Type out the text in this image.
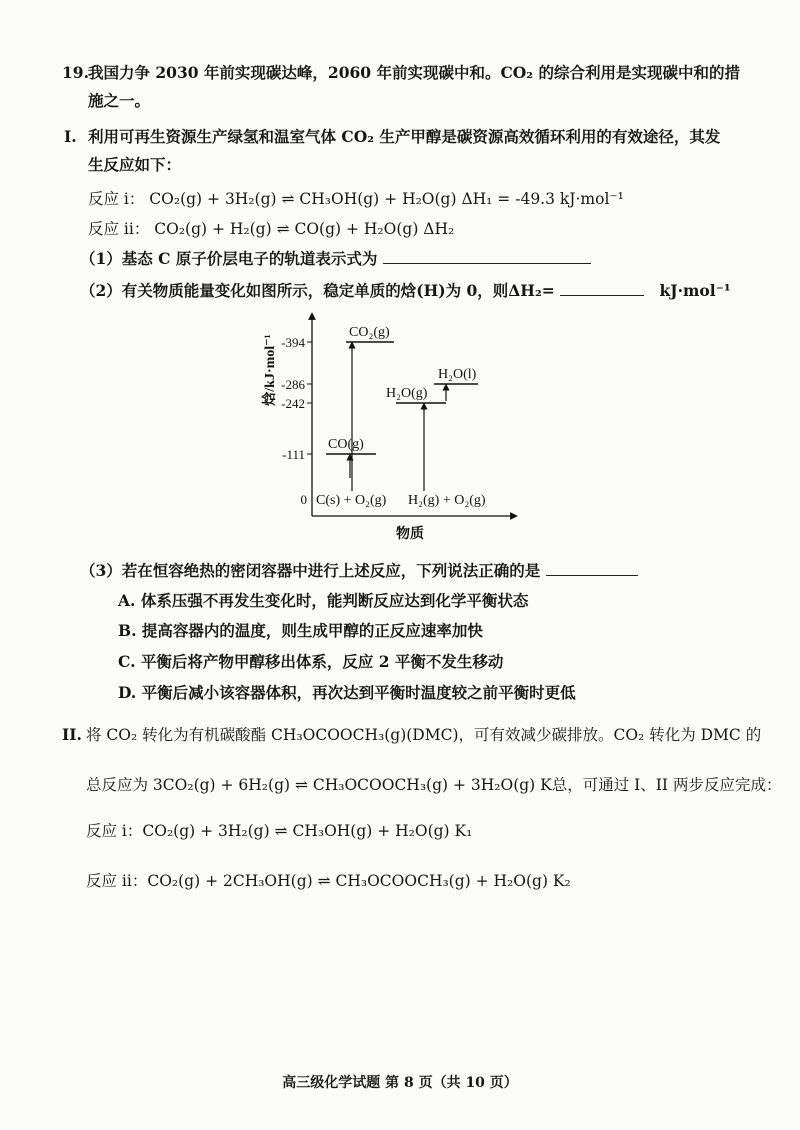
19. 我国力争 2030 年前实现碳达峰，2060 年前实现碳中和。CO₂ 的综合利用是实现碳中和的措
施之一。
I. 利用可再生资源生产绿氢和温室气体 CO₂ 生产甲醇是碳资源高效循环利用的有效途径，其发
生反应如下：
反应 i： CO₂(g) + 3H₂(g) ⇌ CH₃OH(g) + H₂O(g) ΔH₁ = -49.3 kJ·mol⁻¹
反应 ii： CO₂(g) + H₂(g) ⇌ CO(g) + H₂O(g) ΔH₂
（1）基态 C 原子价层电子的轨道表示式为
（2）有关物质能量变化如图所示，稳定单质的焓(H)为 0，则ΔH₂=	kJ·mol⁻¹
焓/kJ·mol⁻¹ -394
-286
-242
-111
0
CO₂(g)
CO(g)
H₂O(g)
H₂O(l)
C(s) + O₂(g) H₂(g) + O₂(g)
物质
（3）若在恒容绝热的密闭容器中进行上述反应，下列说法正确的是
A. 体系压强不再发生变化时，能判断反应达到化学平衡状态
B. 提高容器内的温度，则生成甲醇的正反应速率加快
C. 平衡后将产物甲醇移出体系，反应 2 平衡不发生移动
D. 平衡后减小该容器体积，再次达到平衡时温度较之前平衡时更低
II. 将 CO₂ 转化为有机碳酸酯 CH₃OCOOCH₃(g)(DMC)，可有效减少碳排放。CO₂ 转化为 DMC 的
总反应为 3CO₂(g) + 6H₂(g) ⇌ CH₃OCOOCH₃(g) + 3H₂O(g) K总，可通过 I、II 两步反应完成：
反应 i：CO₂(g) + 3H₂(g) ⇌ CH₃OH(g) + H₂O(g) K₁
反应 ii：CO₂(g) + 2CH₃OH(g) ⇌ CH₃OCOOCH₃(g) + H₂O(g) K₂
高三级化学试题 第 8 页（共 10 页）
